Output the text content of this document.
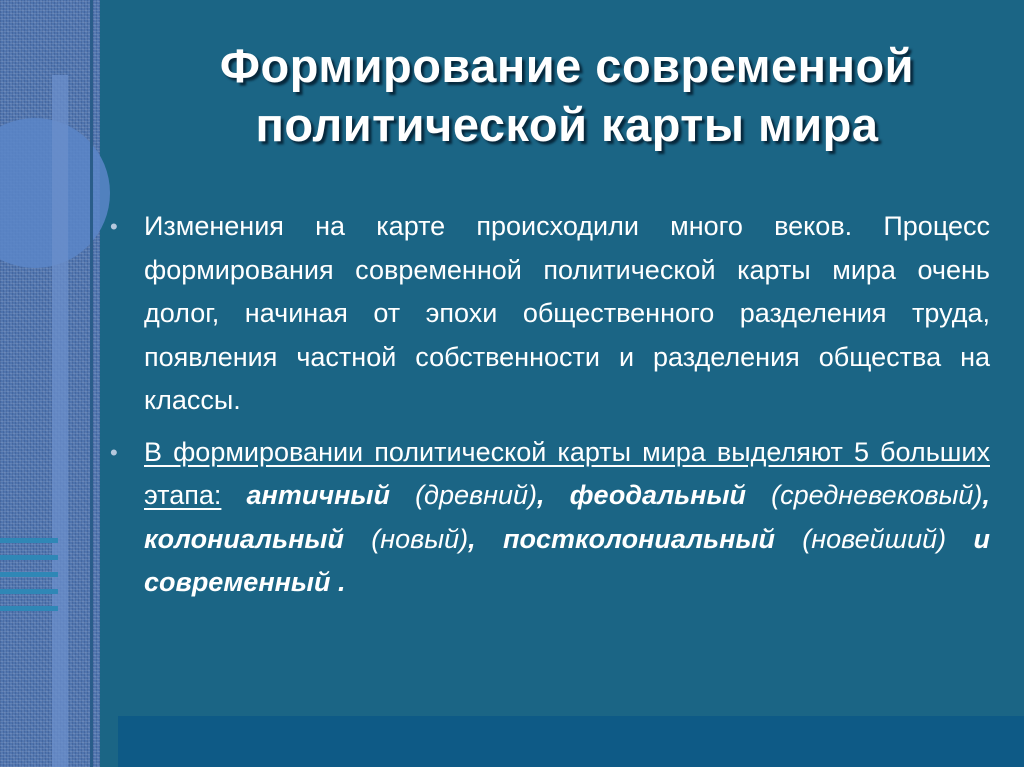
Формирование современной политической карты мира
• Изменения на карте происходили много веков. Процесс формирования современной политической карты мира очень долог, начиная от эпохи общественного разделения труда, появления частной собственности и разделения общества на классы.
• В формировании политической карты мира выделяют 5 больших этапа: античный (древний), феодальный (средневековый), колониальный (новый), постколониальный (новейший) и современный .
